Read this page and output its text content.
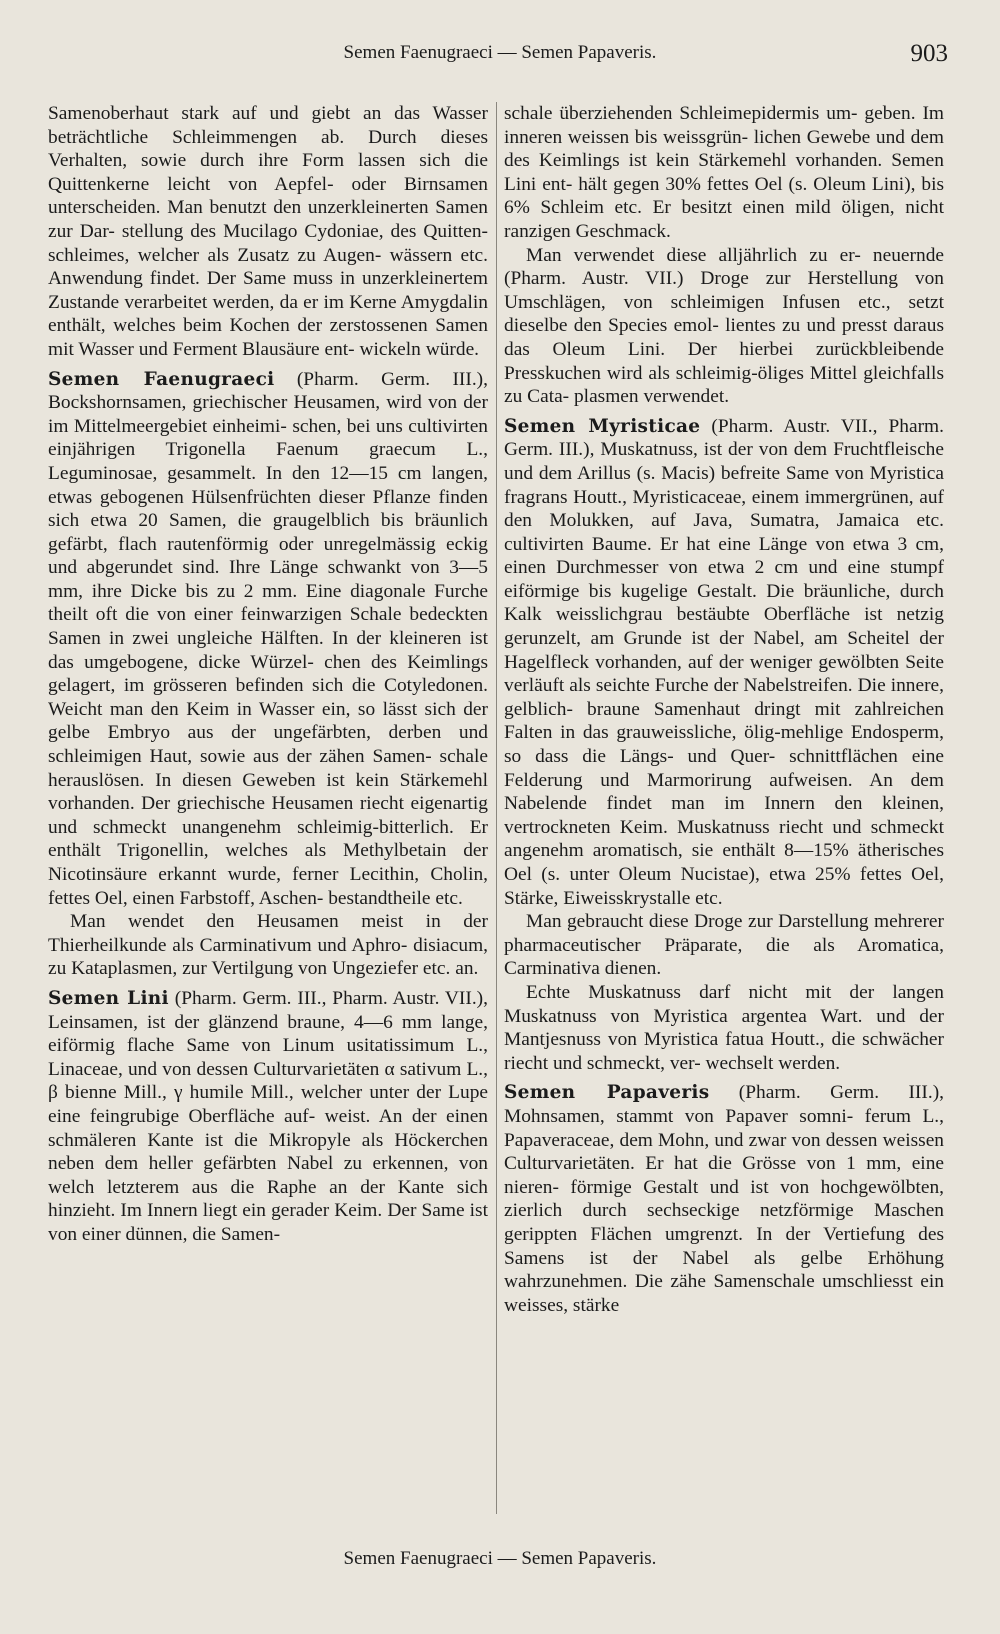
Semen Faenugraeci — Semen Papaveris.	903

Samenoberhaut stark auf und giebt an das Wasser beträchtliche Schleimmengen ab. Durch dieses Verhalten, sowie durch ihre Form lassen sich die Quittenkerne leicht von Aepfel- oder Birnsamen unterscheiden. Man benutzt den unzerkleinerten Samen zur Dar- stellung des Mucilago Cydoniae, des Quitten- schleimes, welcher als Zusatz zu Augen- wässern etc. Anwendung findet. Der Same muss in unzerkleinertem Zustande verarbeitet werden, da er im Kerne Amygdalin enthält, welches beim Kochen der zerstossenen Samen mit Wasser und Ferment Blausäure ent- wickeln würde.

Semen Faenugraeci (Pharm. Germ. III.), Bockshornsamen, griechischer Heusamen, wird von der im Mittelmeergebiet einheimi- schen, bei uns cultivirten einjährigen Trigonella Faenum graecum L., Leguminosae, gesammelt. In den 12—15 cm langen, etwas gebogenen Hülsenfrüchten dieser Pflanze finden sich etwa 20 Samen, die graugelblich bis bräunlich gefärbt, flach rautenförmig oder unregelmässig eckig und abgerundet sind. Ihre Länge schwankt von 3—5 mm, ihre Dicke bis zu 2 mm. Eine diagonale Furche theilt oft die von einer feinwarzigen Schale bedeckten Samen in zwei ungleiche Hälften. In der kleineren ist das umgebogene, dicke Würzel- chen des Keimlings gelagert, im grösseren befinden sich die Cotyledonen. Weicht man den Keim in Wasser ein, so lässt sich der gelbe Embryo aus der ungefärbten, derben und schleimigen Haut, sowie aus der zähen Samen- schale herauslösen. In diesen Geweben ist kein Stärkemehl vorhanden. Der griechische Heusamen riecht eigenartig und schmeckt unangenehm schleimig-bitterlich. Er enthält Trigonellin, welches als Methylbetain der Nicotinsäure erkannt wurde, ferner Lecithin, Cholin, fettes Oel, einen Farbstoff, Aschen- bestandtheile etc.

Man wendet den Heusamen meist in der Thierheilkunde als Carminativum und Aphro- disiacum, zu Kataplasmen, zur Vertilgung von Ungeziefer etc. an.

Semen Lini (Pharm. Germ. III., Pharm. Austr. VII.), Leinsamen, ist der glänzend braune, 4—6 mm lange, eiförmig flache Same von Linum usitatissimum L., Linaceae, und von dessen Culturvarietäten α sativum L., β bienne Mill., γ humile Mill., welcher unter der Lupe eine feingrubige Oberfläche auf- weist. An der einen schmäleren Kante ist die Mikropyle als Höckerchen neben dem heller gefärbten Nabel zu erkennen, von welch letzterem aus die Raphe an der Kante sich hinzieht. Im Innern liegt ein gerader Keim. Der Same ist von einer dünnen, die Samen-

schale überziehenden Schleimepidermis um- geben. Im inneren weissen bis weissgrün- lichen Gewebe und dem des Keimlings ist kein Stärkemehl vorhanden. Semen Lini ent- hält gegen 30% fettes Oel (s. Oleum Lini), bis 6% Schleim etc. Er besitzt einen mild öligen, nicht ranzigen Geschmack.

Man verwendet diese alljährlich zu er- neuernde (Pharm. Austr. VII.) Droge zur Herstellung von Umschlägen, von schleimigen Infusen etc., setzt dieselbe den Species emol- lientes zu und presst daraus das Oleum Lini. Der hierbei zurückbleibende Presskuchen wird als schleimig-öliges Mittel gleichfalls zu Cata- plasmen verwendet.

Semen Myristicae (Pharm. Austr. VII., Pharm. Germ. III.), Muskatnuss, ist der von dem Fruchtfleische und dem Arillus (s. Macis) befreite Same von Myristica fragrans Houtt., Myristicaceae, einem immergrünen, auf den Molukken, auf Java, Sumatra, Jamaica etc. cultivirten Baume. Er hat eine Länge von etwa 3 cm, einen Durchmesser von etwa 2 cm und eine stumpf eiförmige bis kugelige Gestalt. Die bräunliche, durch Kalk weisslichgrau bestäubte Oberfläche ist netzig gerunzelt, am Grunde ist der Nabel, am Scheitel der Hagelfleck vorhanden, auf der weniger gewölbten Seite verläuft als seichte Furche der Nabelstreifen. Die innere, gelblich- braune Samenhaut dringt mit zahlreichen Falten in das grauweissliche, ölig-mehlige Endosperm, so dass die Längs- und Quer- schnittflächen eine Felderung und Marmorirung aufweisen. An dem Nabelende findet man im Innern den kleinen, vertrockneten Keim. Muskatnuss riecht und schmeckt angenehm aromatisch, sie enthält 8—15% ätherisches Oel (s. unter Oleum Nucistae), etwa 25% fettes Oel, Stärke, Eiweisskrystalle etc.

Man gebraucht diese Droge zur Darstellung mehrerer pharmaceutischer Präparate, die als Aromatica, Carminativa dienen.

Echte Muskatnuss darf nicht mit der langen Muskatnuss von Myristica argentea Wart. und der Mantjesnuss von Myristica fatua Houtt., die schwächer riecht und schmeckt, ver- wechselt werden.

Semen Papaveris (Pharm. Germ. III.), Mohnsamen, stammt von Papaver somni- ferum L., Papaveraceae, dem Mohn, und zwar von dessen weissen Culturvarietäten. Er hat die Grösse von 1 mm, eine nieren- förmige Gestalt und ist von hochgewölbten, zierlich durch sechseckige netzförmige Maschen gerippten Flächen umgrenzt. In der Vertiefung des Samens ist der Nabel als gelbe Erhöhung wahrzunehmen. Die zähe Samenschale umschliesst ein weisses, stärke

Semen Faenugraeci — Semen Papaveris.
